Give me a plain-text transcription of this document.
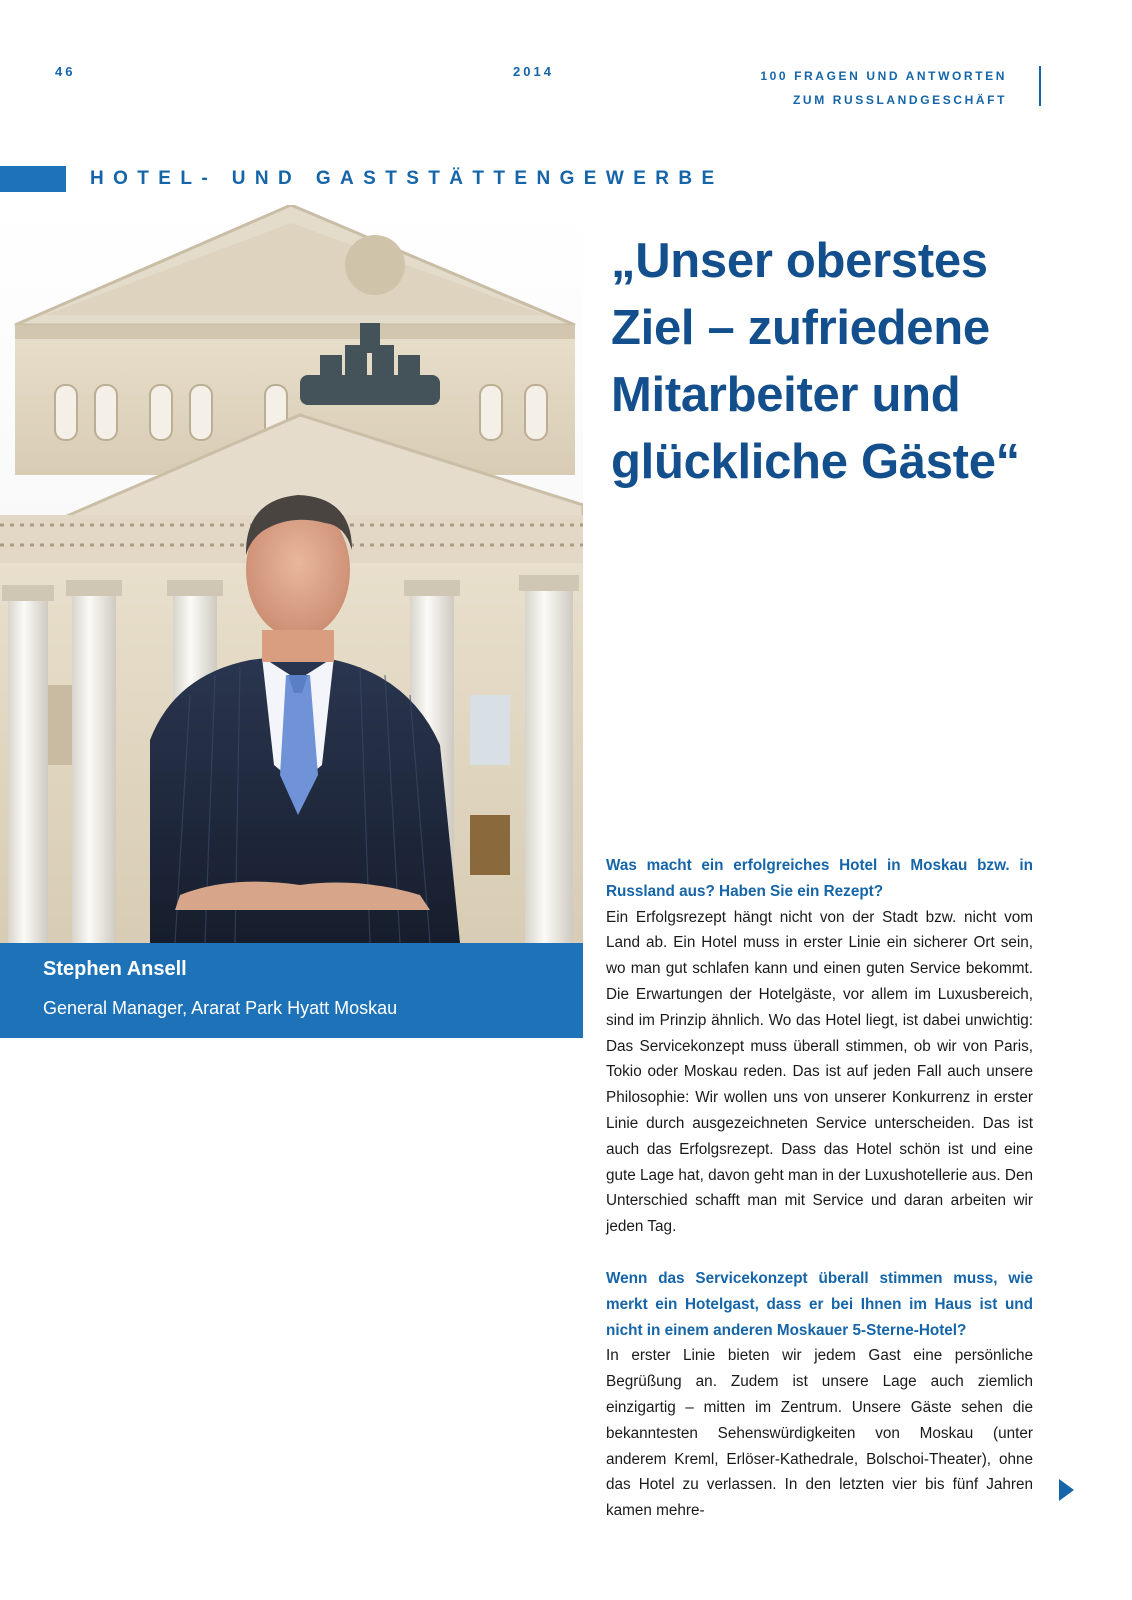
46	2014	100 FRAGEN UND ANTWORTEN
ZUM RUSSLANDGESCHÄFT
HOTEL- UND GASTSTÄTTENGEWERBE
Stephen Ansell
General Manager, Ararat Park Hyatt Moskau
„Unser oberstes Ziel – zufriedene Mitarbeiter und glückliche Gäste“

Was macht ein erfolgreiches Hotel in Moskau bzw. in Russland aus? Haben Sie ein Rezept?

Ein Erfolgsrezept hängt nicht von der Stadt bzw. nicht vom Land ab. Ein Hotel muss in erster Linie ein sicherer Ort sein, wo man gut schlafen kann und einen guten Service bekommt. Die Erwartungen der Hotelgäste, vor allem im Luxusbereich, sind im Prinzip ähnlich. Wo das Hotel liegt, ist dabei unwichtig: Das Servicekonzept muss überall stimmen, ob wir von Paris, Tokio oder Moskau reden. Das ist auf jeden Fall auch unsere Philosophie: Wir wollen uns von unserer Konkurrenz in erster Linie durch ausgezeichneten Service unterscheiden. Das ist auch das Erfolgsrezept. Dass das Hotel schön ist und eine gute Lage hat, davon geht man in der Luxushotellerie aus. Den Unterschied schafft man mit Service und daran arbeiten wir jeden Tag.

Wenn das Servicekonzept überall stimmen muss, wie merkt ein Hotelgast, dass er bei Ihnen im Haus ist und nicht in einem anderen Moskauer 5-Sterne-Hotel?

In erster Linie bieten wir jedem Gast eine persönliche Begrüßung an. Zudem ist unsere Lage auch ziemlich einzigartig – mitten im Zentrum. Unsere Gäste sehen die bekanntesten Sehenswürdigkeiten von Moskau (unter anderem Kreml, Erlöser-Kathedrale, Bolschoi-Theater), ohne das Hotel zu verlassen. In den letzten vier bis fünf Jahren kamen mehre-
